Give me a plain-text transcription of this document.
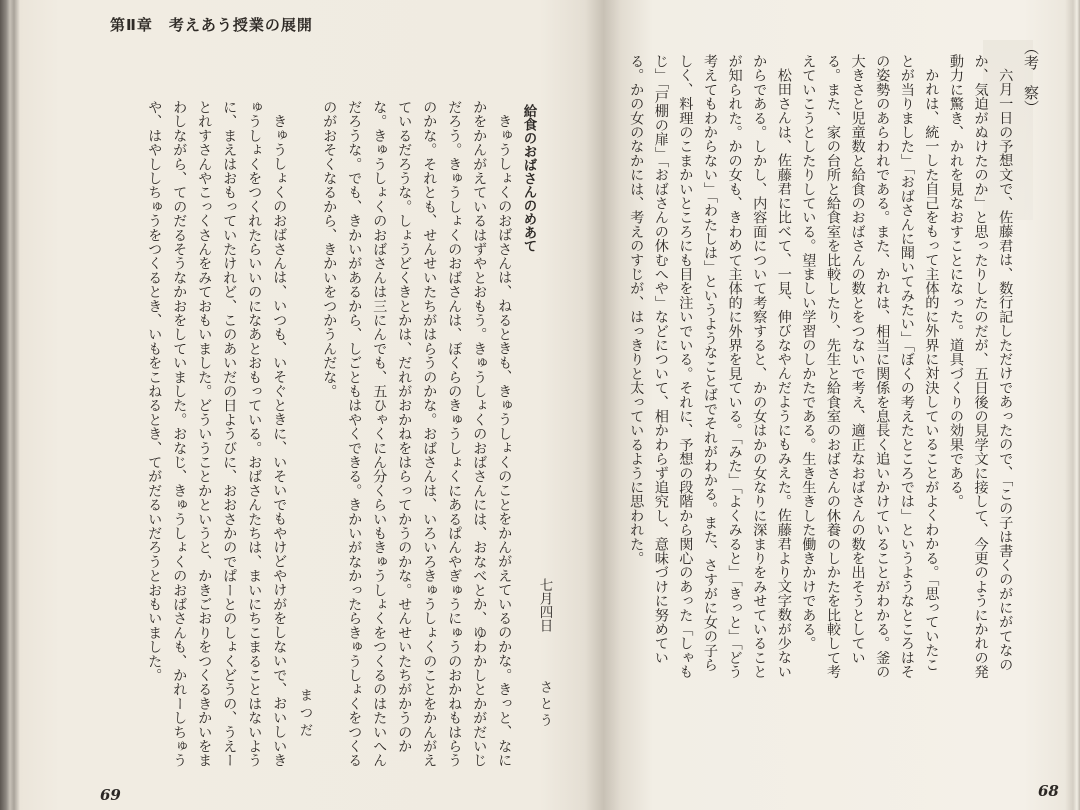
第Ⅱ章　考えあう授業の展開
給食のおばさんのめあて
七月四日
さとう
きゅうしょくのおばさんは、ねるときも、きゅうしょくのことをかんがえているのかな。きっと、なに
かをかんがえているはずやとおもう。きゅうしょくのおばさんには、おなべとか、ゆわかしとかがだいじ
だろう。きゅうしょくのおばさんは、ぼくらのきゅうしょくにあるぱんやぎゅうにゅうのおかねもはらう
のかな。それとも、せんせいたちがはらうのかな。おばさんは、いろいろきゅうしょくのことをかんがえ
ているだろうな。しょうどくきとかは、だれがおかねをはらってかうのかな。せんせいたちがかうのか
な。きゅうしょくのおばさんは三にんでも、五ひゃくにん分くらいもきゅうしょくをつくるのはたいへん
だろうな。でも、きかいがあるから、しごともはやくできる。きかいがなかったらきゅうしょくをつくる
のがおそくなるから、きかいをつかうんだな。
まつだ
きゅうしょくのおばさんは、いつも、いそぐときに、いそいでもやけどやけがをしないで、おいしいき
ゅうしょくをつくれたらいいのになあとおもっている。おばさんたちは、まいにちこまることはないよう
に、まえはおもっていたけれど、このあいだの日ようびに、おおさかのでぱーとのしょくどうの、うえー
とれすさんやこっくさんをみておもいました。どういうことかというと、かきごおりをつくるきかいをま
わしながら、てのだるそうなかおをしていました。おなじ、きゅうしょくのおばさんも、かれーしちゅう
や、はやししちゅうをつくるとき、いもをこねるとき、てがだるいだろうとおもいました。
69
（考　察）
六月一日の予想文で、佐藤君は、数行記しただけであったので、「この子は書くのがにがてなの
か、気迫がぬけたのか」と思ったりしたのだが、五日後の見学文に接して、今更のようにかれの発
動力に驚き、かれを見なおすことになった。道具づくりの効果である。
かれは、統一した自己をもって主体的に外界に対決していることがよくわかる。「思っていたこ
とが当りました」「おばさんに聞いてみたい」「ぼくの考えたところでは」というようなところはそ
の姿勢のあらわれである。また、かれは、相当に関係を息長く追いかけていることがわかる。釜の
大きさと児童数と給食のおばさんの数とをつないで考え、適正なおばさんの数を出そうとしてい
る。また、家の台所と給食室を比較したり、先生と給食室のおばさんの休養のしかたを比較して考
えていこうとしたりしている。望ましい学習のしかたである。生き生きした働きかけである。
松田さんは、佐藤君に比べて、一見、伸びなやんだようにもみえた。佐藤君より文字数が少ない
からである。しかし、内容面について考察すると、かの女はかの女なりに深まりをみせていること
が知られた。かの女も、きわめて主体的に外界を見ている。「みた」「よくみると」「きっと」「どう
考えてもわからない」「わたしは」というようなことばでそれがわかる。また、さすがに女の子ら
しく、料理のこまかいところにも目を注いでいる。それに、予想の段階から関心のあった「しゃも
じ」「戸棚の扉」「おばさんの休むへや」などについて、相かわらず追究し、意味づけに努めてい
る。かの女のなかには、考えのすじが、はっきりと太っているように思われた。
68
